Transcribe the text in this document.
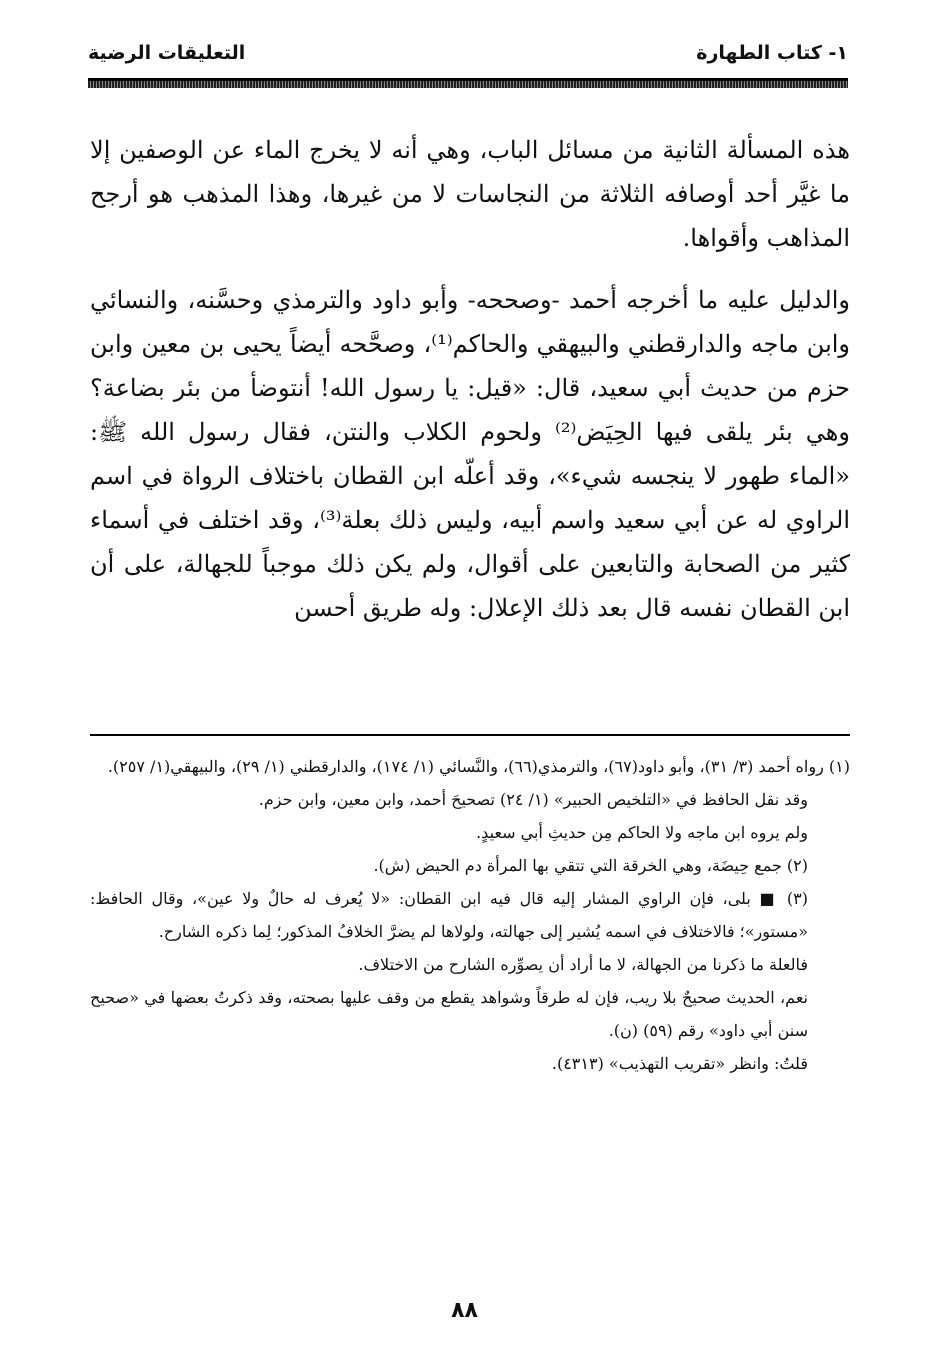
١- كتاب الطهارة
التعليقات الرضية

هذه المسألة الثانية من مسائل الباب، وهي أنه لا يخرج الماء عن الوصفين إلا ما غيَّر أحد أوصافه الثلاثة من النجاسات لا من غيرها، وهذا المذهب هو أرجح المذاهب وأقواها.

والدليل عليه ما أخرجه أحمد -وصححه- وأبو داود والترمذي وحسَّنه، والنسائي وابن ماجه والدارقطني والبيهقي والحاكم⁽¹⁾، وصحَّحه أيضاً يحيى بن معين وابن حزم من حديث أبي سعيد، قال: «قيل: يا رسول الله! أنتوضأ من بئر بضاعة؟ وهي بئر يلقى فيها الحِيَض⁽²⁾ ولحوم الكلاب والنتن، فقال رسول الله ﷺ: «الماء طهور لا ينجسه شيء»، وقد أعلّه ابن القطان باختلاف الرواة في اسم الراوي له عن أبي سعيد واسم أبيه، وليس ذلك بعلة⁽³⁾، وقد اختلف في أسماء كثير من الصحابة والتابعين على أقوال، ولم يكن ذلك موجباً للجهالة، على أن ابن القطان نفسه قال بعد ذلك الإعلال: وله طريق أحسن

(١) رواه أحمد (٣/ ٣١)، وأبو داود(٦٧)، والترمذي(٦٦)، والنَّسائي (١/ ١٧٤)، والدارقطني (١/ ٢٩)، والبيهقي(١/ ٢٥٧).

وقد نقل الحافظ في «التلخيص الحبير» (١/ ٢٤) تصحيحَ أحمد، وابن معين، وابن حزم.

ولم يروه ابن ماجه ولا الحاكم مِن حديثِ أبي سعيدٍ.

(٢) جمع حِيضَة، وهي الخرقة التي تتقي بها المرأة دم الحيض (ش).

(٣) ■ بلى، فإن الراوي المشار إليه قال فيه ابن القطان: «لا يُعرف له حالٌ ولا عين»، وقال الحافظ: «مستور»؛ فالاختلاف في اسمه يُشير إلى جهالته، ولولاها لم يضرَّ الخلافُ المذكور؛ لِما ذكره الشارح.

فالعلة ما ذكرنا من الجهالة، لا ما أراد أن يصوِّره الشارح من الاختلاف.

نعم، الحديث صحيحٌ بلا ريب، فإن له طرقاً وشواهد يقطع من وقف عليها بصحته، وقد ذكرتُ بعضها في «صحيح سنن أبي داود» رقم (٥٩) (ن).

قلتُ: وانظر «تقريب التهذيب» (٤٣١٣).

٨٨
